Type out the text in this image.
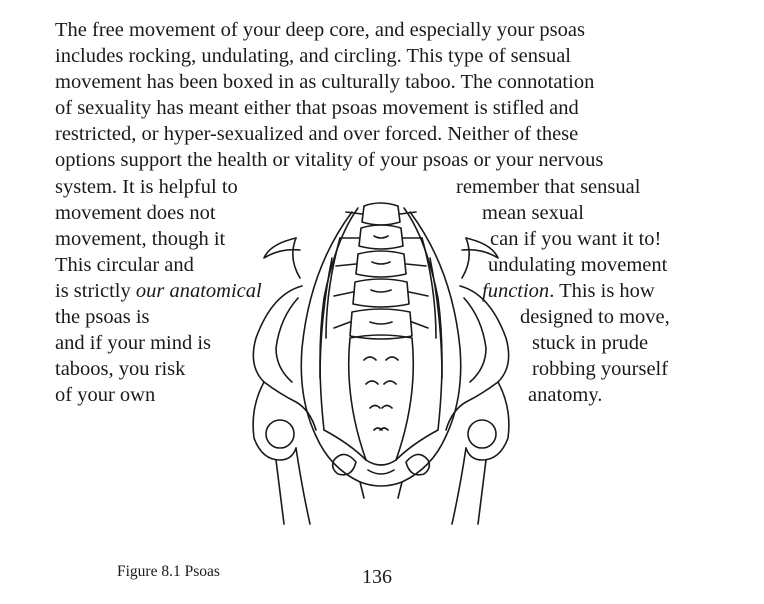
The free movement of your deep core, and especially your psoas
includes rocking, undulating, and circling. This type of sensual
movement has been boxed in as culturally taboo. The connotation
of sexuality has meant either that psoas movement is stifled and
restricted, or hyper-sexualized and over forced. Neither of these
options support the health or vitality of your psoas or your nervous
system. It is helpful to
movement does not
movement, though it
This circular and
is strictly our anatomical
the psoas is
and if your mind is
taboos, you risk
of your own
remember that sensual
mean sexual
can if you want it to!
undulating movement
function. This is how
designed to move,
stuck in prude
robbing yourself
anatomy.
Figure 8.1 Psoas	136
